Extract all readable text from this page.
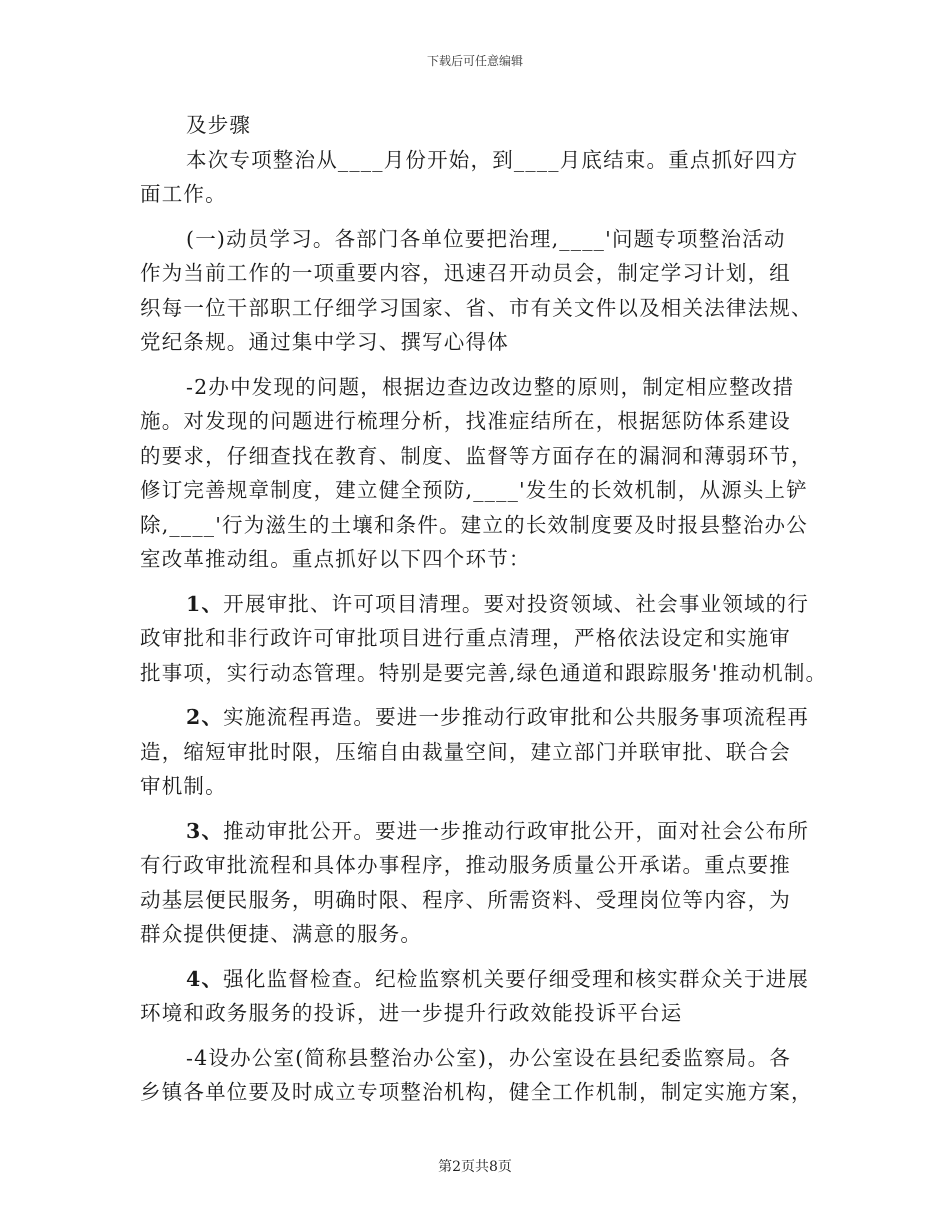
下载后可任意编辑
及步骤
本次专项整治从____月份开始，到____月底结束。重点抓好四方
面工作。
(一)动员学习。各部门各单位要把治理,____'问题专项整治活动
作为当前工作的一项重要内容，迅速召开动员会，制定学习计划，组
织每一位干部职工仔细学习国家、省、市有关文件以及相关法律法规、
党纪条规。通过集中学习、撰写心得体
-2办中发现的问题，根据边查边改边整的原则，制定相应整改措
施。对发现的问题进行梳理分析，找准症结所在，根据惩防体系建设
的要求，仔细查找在教育、制度、监督等方面存在的漏洞和薄弱环节，
修订完善规章制度，建立健全预防,____'发生的长效机制，从源头上铲
除,____'行为滋生的土壤和条件。建立的长效制度要及时报县整治办公
室改革推动组。重点抓好以下四个环节：
1、开展审批、许可项目清理。要对投资领域、社会事业领域的行
政审批和非行政许可审批项目进行重点清理，严格依法设定和实施审
批事项，实行动态管理。特别是要完善,绿色通道和跟踪服务'推动机制。
2、实施流程再造。要进一步推动行政审批和公共服务事项流程再
造，缩短审批时限，压缩自由裁量空间，建立部门并联审批、联合会
审机制。
3、推动审批公开。要进一步推动行政审批公开，面对社会公布所
有行政审批流程和具体办事程序，推动服务质量公开承诺。重点要推
动基层便民服务，明确时限、程序、所需资料、受理岗位等内容，为
群众提供便捷、满意的服务。
4、强化监督检查。纪检监察机关要仔细受理和核实群众关于进展
环境和政务服务的投诉，进一步提升行政效能投诉平台运
-4设办公室(简称县整治办公室)，办公室设在县纪委监察局。各
乡镇各单位要及时成立专项整治机构，健全工作机制，制定实施方案，
第2页共8页
